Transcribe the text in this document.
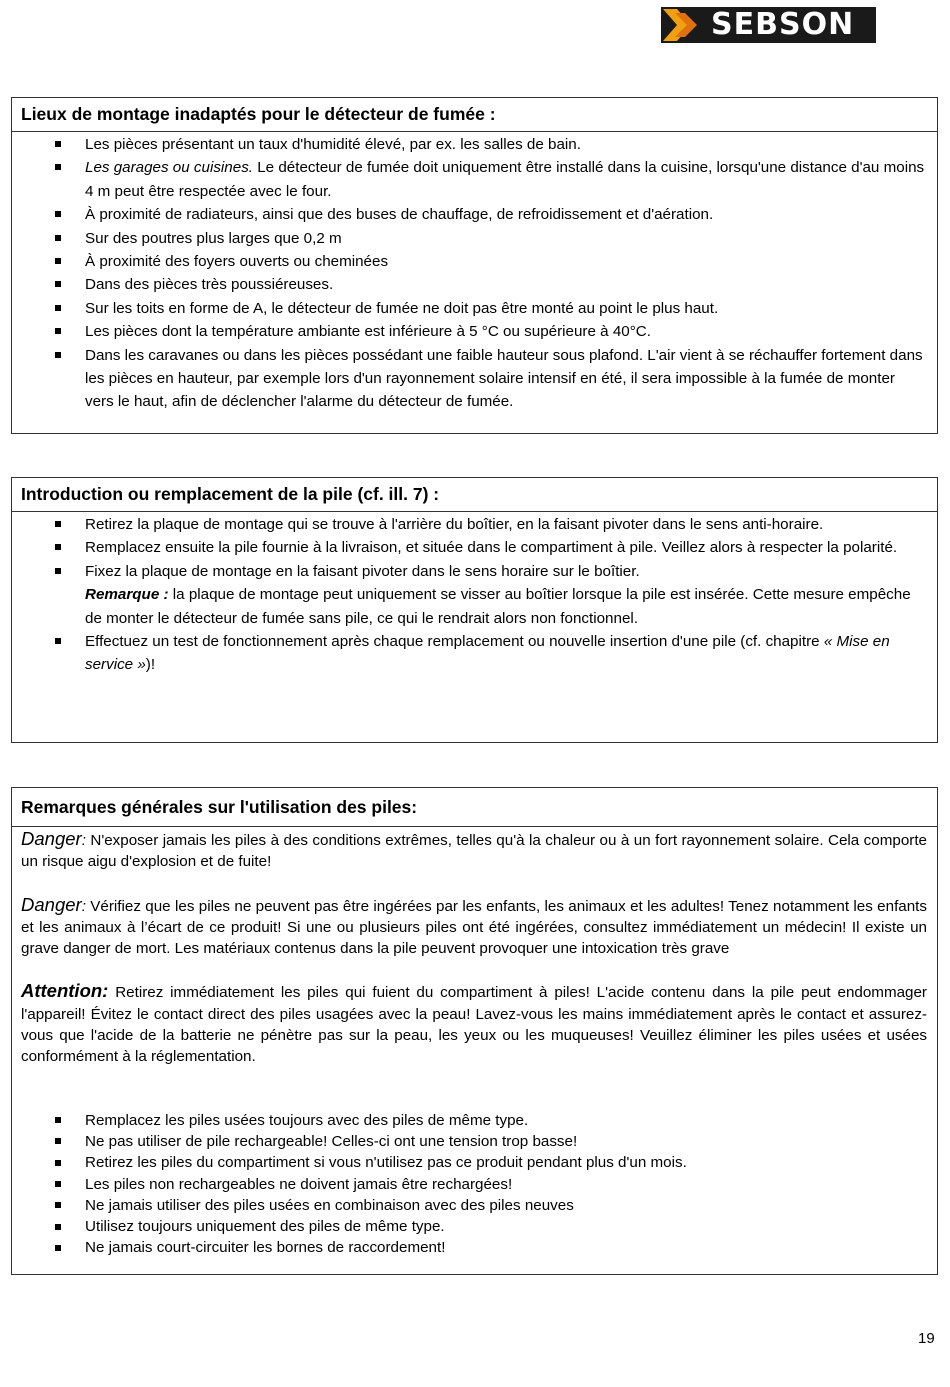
SEBSON
Lieux de montage inadaptés pour le détecteur de fumée :
Les pièces présentant un taux d'humidité élevé, par ex. les salles de bain.
Les garages ou cuisines. Le détecteur de fumée doit uniquement être installé dans la cuisine, lorsqu'une distance d'au moins 4 m peut être respectée avec le four.
À proximité de radiateurs, ainsi que des buses de chauffage, de refroidissement et d'aération.
Sur des poutres plus larges que 0,2 m
À proximité des foyers ouverts ou cheminées
Dans des pièces très poussiéreuses.
Sur les toits en forme de A, le détecteur de fumée ne doit pas être monté au point le plus haut.
Les pièces dont la température ambiante est inférieure à 5 °C ou supérieure à 40°C.
Dans les caravanes ou dans les pièces possédant une faible hauteur sous plafond. L'air vient à se réchauffer fortement dans les pièces en hauteur, par exemple lors d'un rayonnement solaire intensif en été, il sera impossible à la fumée de monter vers le haut, afin de déclencher l'alarme du détecteur de fumée.
Introduction ou remplacement de la pile (cf. ill. 7) :
Retirez la plaque de montage qui se trouve à l'arrière du boîtier, en la faisant pivoter dans le sens anti-horaire.
Remplacez ensuite la pile fournie à la livraison, et située dans le compartiment à pile. Veillez alors à respecter la polarité.
Fixez la plaque de montage en la faisant pivoter dans le sens horaire sur le boîtier.
Remarque : la plaque de montage peut uniquement se visser au boîtier lorsque la pile est insérée. Cette mesure empêche de monter le détecteur de fumée sans pile, ce qui le rendrait alors non fonctionnel.
Effectuez un test de fonctionnement après chaque remplacement ou nouvelle insertion d'une pile (cf. chapitre « Mise en service »)!
Remarques générales sur l'utilisation des piles:
Danger: N'exposer jamais les piles à des conditions extrêmes, telles qu'à la chaleur ou à un fort rayonnement solaire. Cela comporte un risque aigu d'explosion et de fuite!
Danger: Vérifiez que les piles ne peuvent pas être ingérées par les enfants, les animaux et les adultes! Tenez notamment les enfants et les animaux à l’écart de ce produit! Si une ou plusieurs piles ont été ingérées, consultez immédiatement un médecin! Il existe un grave danger de mort. Les matériaux contenus dans la pile peuvent provoquer une intoxication très grave
Attention: Retirez immédiatement les piles qui fuient du compartiment à piles! L'acide contenu dans la pile peut endommager l'appareil! Évitez le contact direct des piles usagées avec la peau! Lavez-vous les mains immédiatement après le contact et assurez-vous que l'acide de la batterie ne pénètre pas sur la peau, les yeux ou les muqueuses! Veuillez éliminer les piles usées et usées conformément à la réglementation.
Remplacez les piles usées toujours avec des piles de même type.
Ne pas utiliser de pile rechargeable! Celles-ci ont une tension trop basse!
Retirez les piles du compartiment si vous n'utilisez pas ce produit pendant plus d'un mois.
Les piles non rechargeables ne doivent jamais être rechargées!
Ne jamais utiliser des piles usées en combinaison avec des piles neuves
Utilisez toujours uniquement des piles de même type.
Ne jamais court-circuiter les bornes de raccordement!
19
